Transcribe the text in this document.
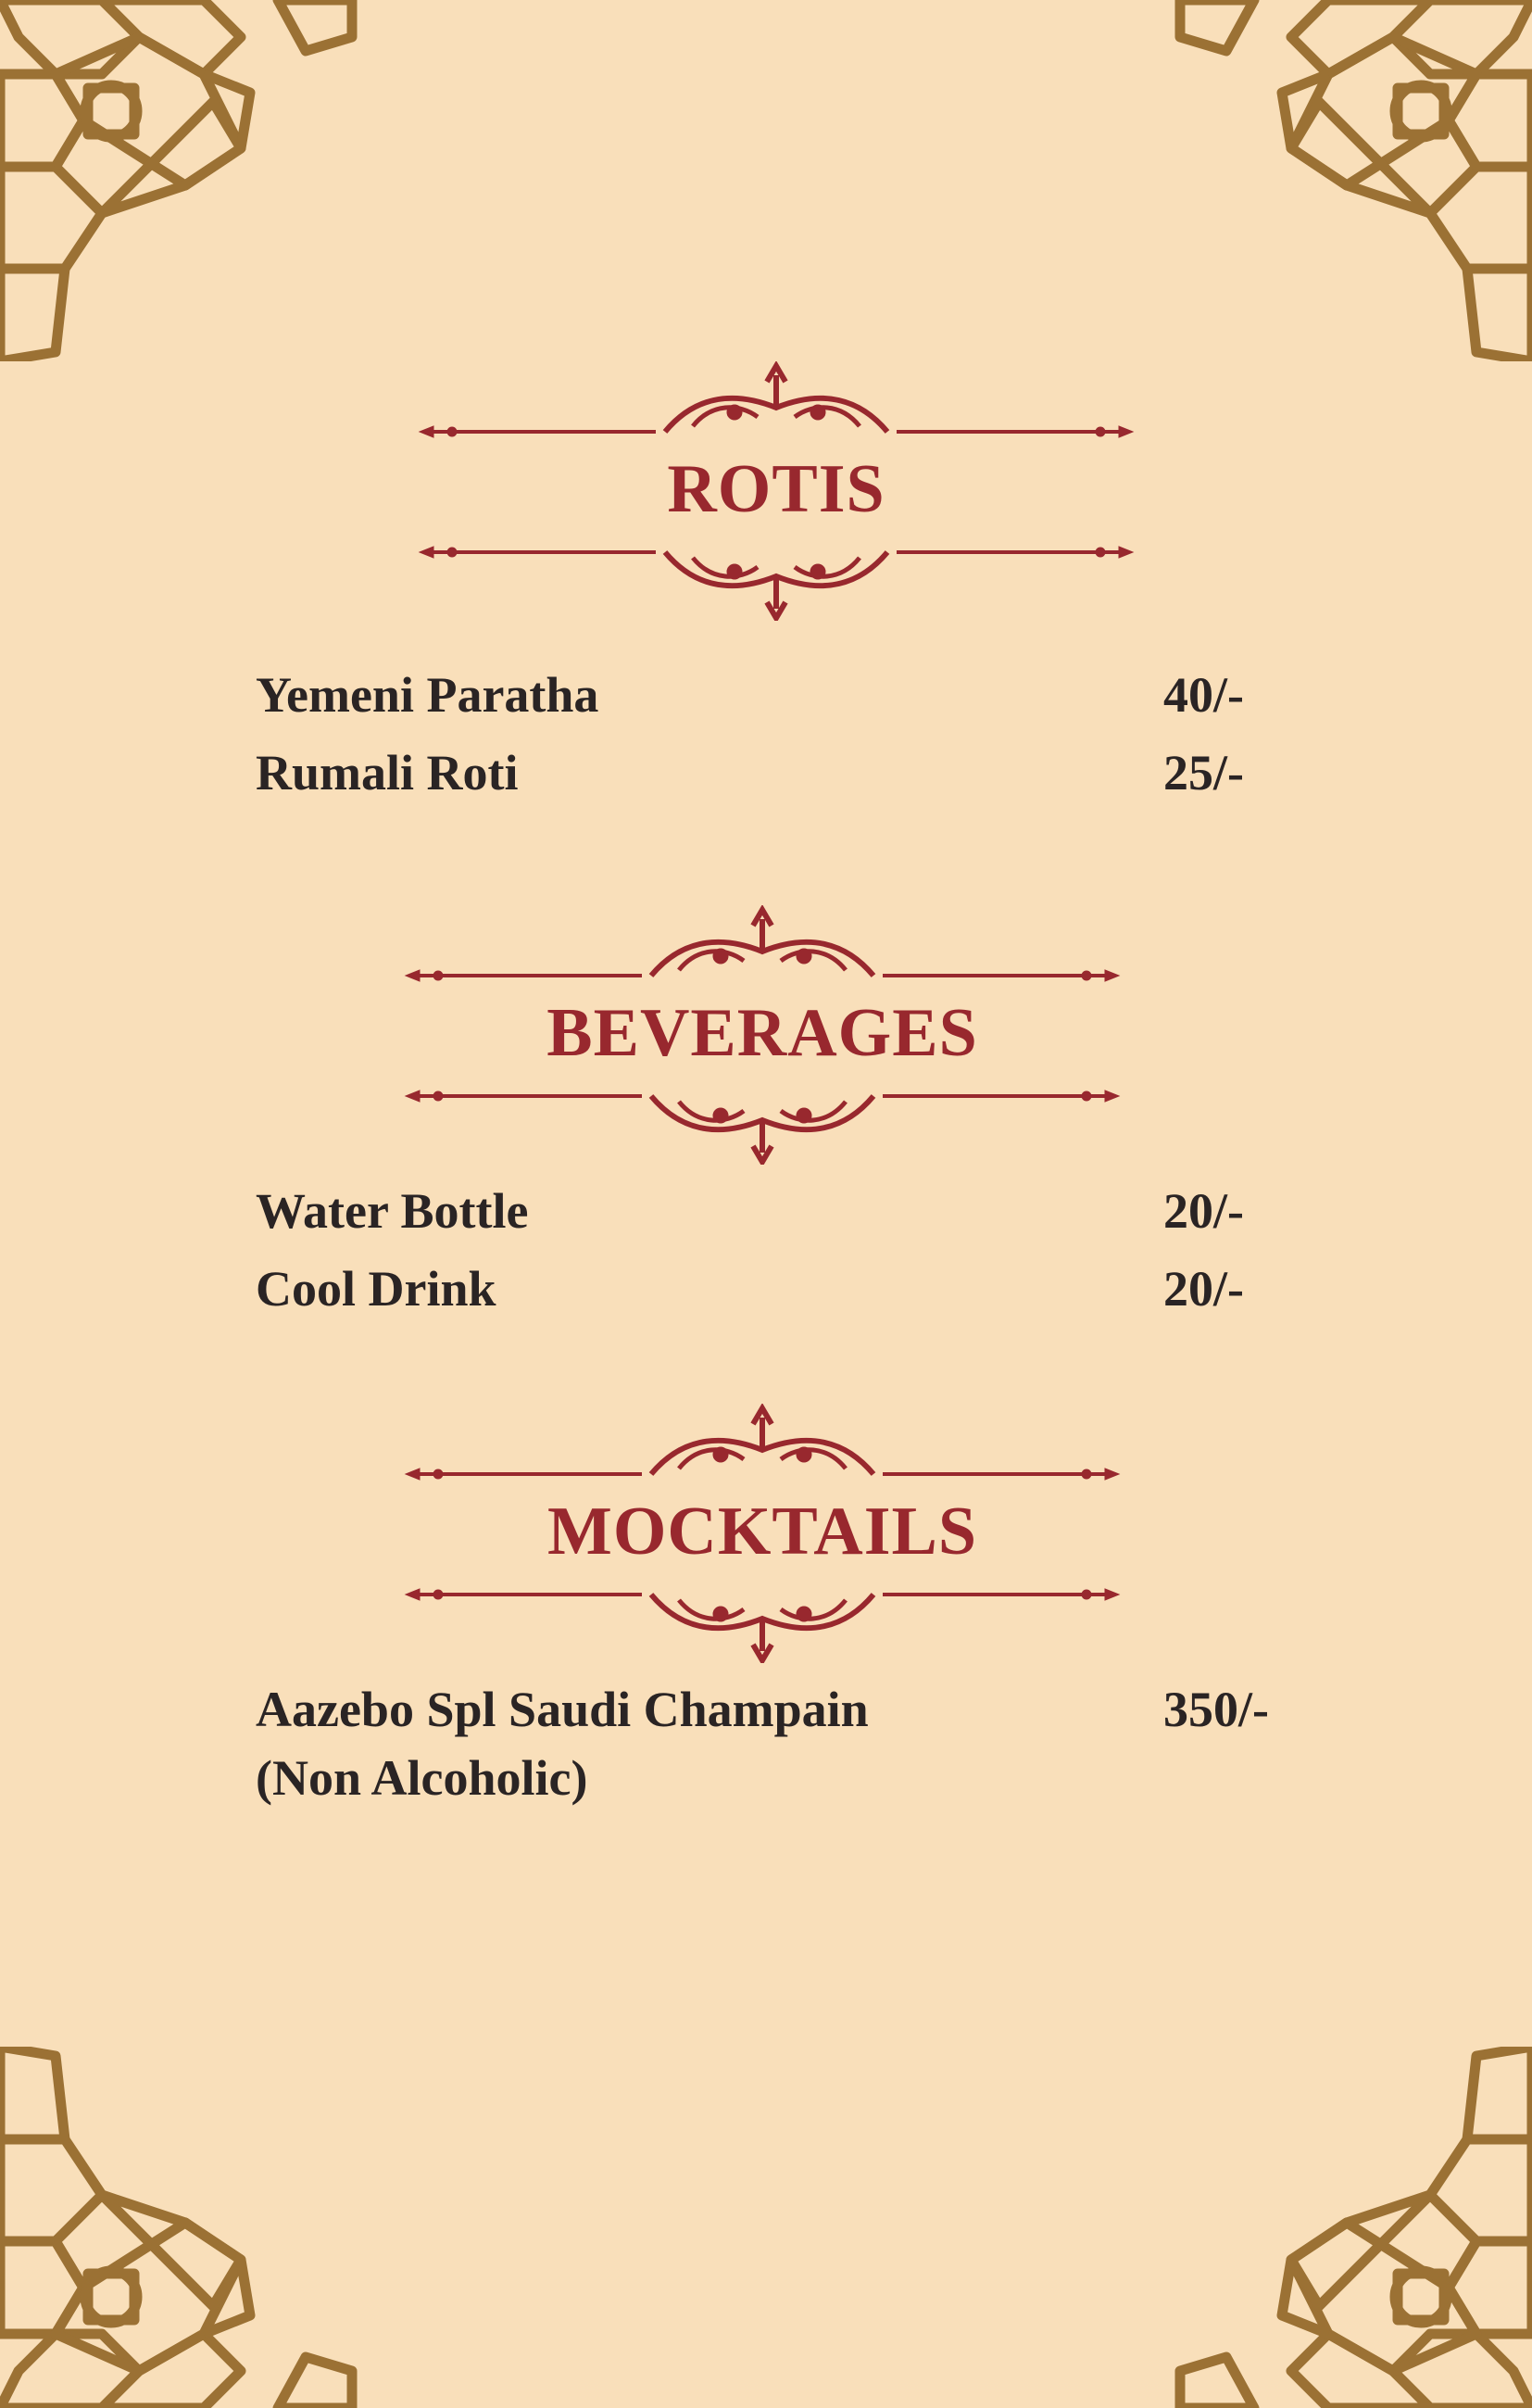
ROTIS
Yemeni Paratha	40/-
Rumali Roti	25/-
BEVERAGES
Water Bottle	20/-
Cool Drink	20/-
MOCKTAILS
Aazebo Spl Saudi Champain	350/-
(Non Alcoholic)
